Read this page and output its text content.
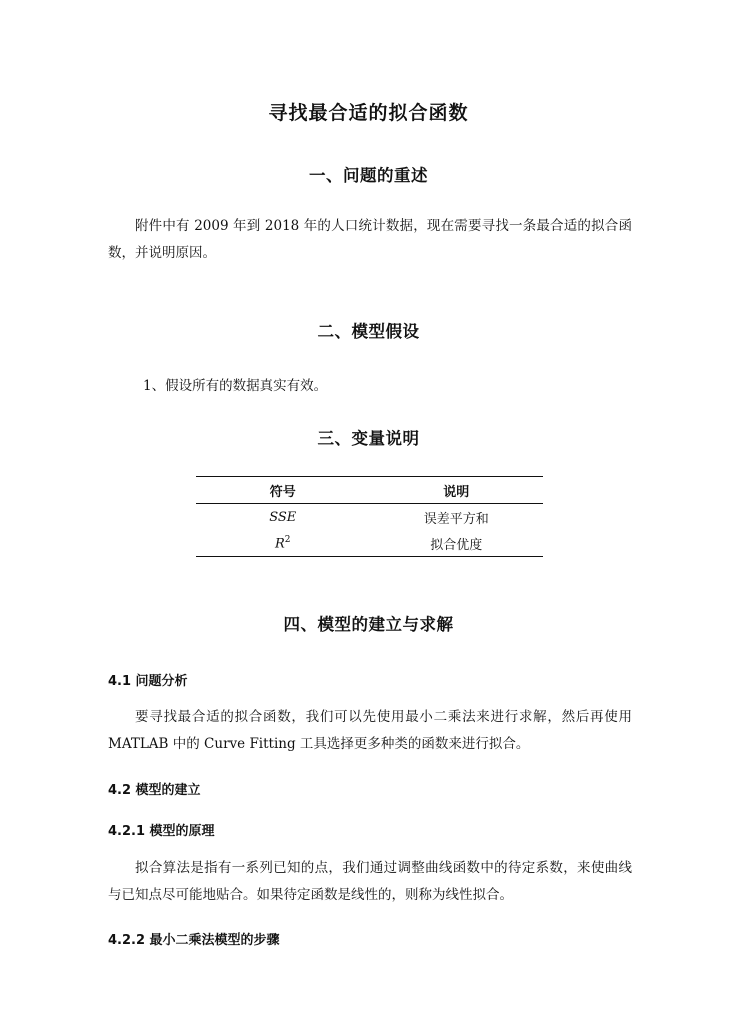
寻找最合适的拟合函数
一、问题的重述
附件中有 2009 年到 2018 年的人口统计数据，现在需要寻找一条最合适的拟合函数，并说明原因。
二、模型假设
1、假设所有的数据真实有效。
三、变量说明
符号	说明
SSE	误差平方和
$R^2$	拟合优度
四、模型的建立与求解
4.1 问题分析
要寻找最合适的拟合函数，我们可以先使用最小二乘法来进行求解，然后再使用 MATLAB 中的 Curve Fitting 工具选择更多种类的函数来进行拟合。
4.2 模型的建立
4.2.1 模型的原理
拟合算法是指有一系列已知的点，我们通过调整曲线函数中的待定系数，来使曲线与已知点尽可能地贴合。如果待定函数是线性的，则称为线性拟合。
4.2.2 最小二乘法模型的步骤
